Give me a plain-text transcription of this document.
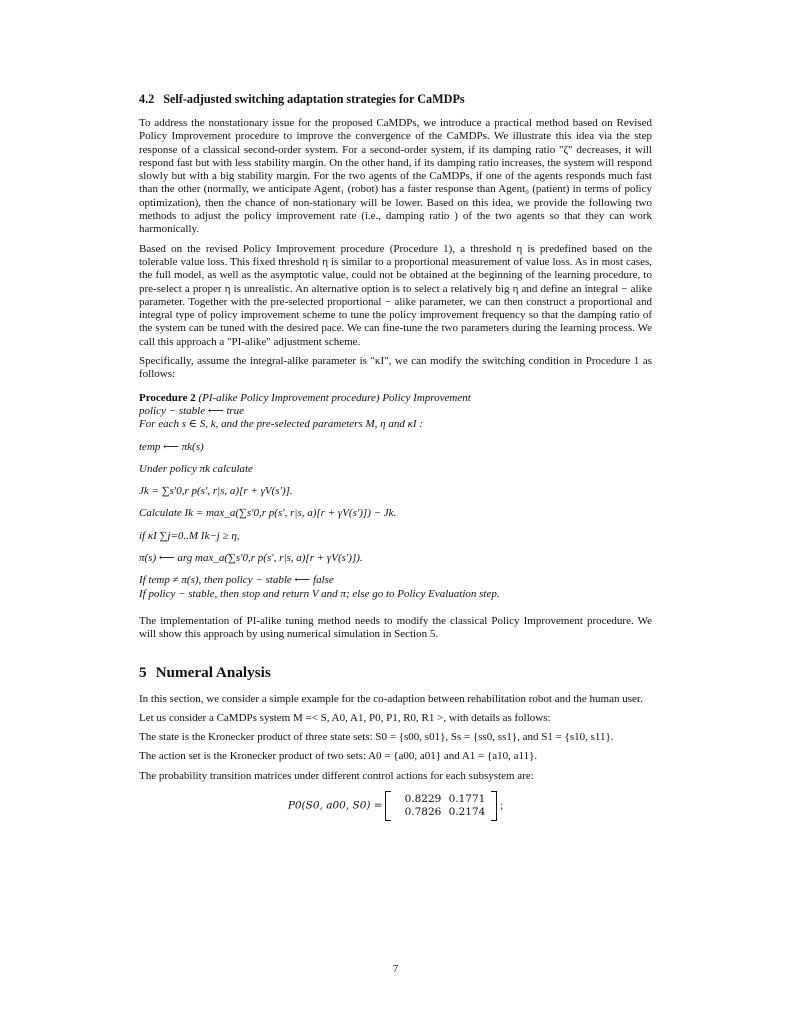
4.2 Self-adjusted switching adaptation strategies for CaMDPs

To address the nonstationary issue for the proposed CaMDPs, we introduce a practical method based on Revised Policy Improvement procedure to improve the convergence of the CaMDPs. We illustrate this idea via the step response of a classical second-order system. For a second-order system, if its damping ratio "ζ" decreases, it will respond fast but with less stability margin. On the other hand, if its damping ratio increases, the system will respond slowly but with a big stability margin. For the two agents of the CaMDPs, if one of the agents responds much fast than the other (normally, we anticipate Agent₁ (robot) has a faster response than Agent₀ (patient) in terms of policy optimization), then the chance of non-stationary will be lower. Based on this idea, we provide the following two methods to adjust the policy improvement rate (i.e., damping ratio ) of the two agents so that they can work harmonically.

Based on the revised Policy Improvement procedure (Procedure 1), a threshold η is predefined based on the tolerable value loss. This fixed threshold η is similar to a proportional measurement of value loss. As in most cases, the full model, as well as the asymptotic value, could not be obtained at the beginning of the learning procedure, to pre-select a proper η is unrealistic. An alternative option is to select a relatively big η and define an integral − alike parameter. Together with the pre-selected proportional − alike parameter, we can then construct a proportional and integral type of policy improvement scheme to tune the policy improvement frequency so that the damping ratio of the system can be tuned with the desired pace. We can fine-tune the two parameters during the learning process. We call this approach a "PI-alike" adjustment scheme.

Specifically, assume the integral-alike parameter is "κI", we can modify the switching condition in Procedure 1 as follows:

Procedure 2 (PI-alike Policy Improvement procedure) Policy Improvement

policy − stable ⟵ true

For each s ∈ S, k, and the pre-selected parameters M, η and κI :

temp ⟵ πk(s)

Under policy πk calculate

Jk = ∑s′0,r p(s′, r|s, a)[r + γV(s′)].

Calculate Ik = max_a(∑s′0,r p(s′, r|s, a)[r + γV(s′)]) − Jk.

if κI ∑j=0..M Ik−j ≥ η,

π(s) ⟵ arg max_a(∑s′0,r p(s′, r|s, a)[r + γV(s′)]).

If temp ≠ π(s), then policy − stable ⟵ false

If policy − stable, then stop and return V and π; else go to Policy Evaluation step.

The implementation of PI-alike tuning method needs to modify the classical Policy Improvement procedure. We will show this approach by using numerical simulation in Section 5.

5 Numeral Analysis

In this section, we consider a simple example for the co-adaption between rehabilitation robot and the human user.

Let us consider a CaMDPs system M =< S, A0, A1, P0, P1, R0, R1 >, with details as follows:

The state is the Kronecker product of three state sets: S0 = {s00, s01}, Ss = {ss0, ss1}, and S1 = {s10, s11}.

The action set is the Kronecker product of two sets: A0 = {a00, a01} and A1 = {a10, a11}.

The probability transition matrices under different control actions for each subsystem are:

P0(S0, a00, S0) =
0.8229 0.1771
0.7826 0.2174
;
7
